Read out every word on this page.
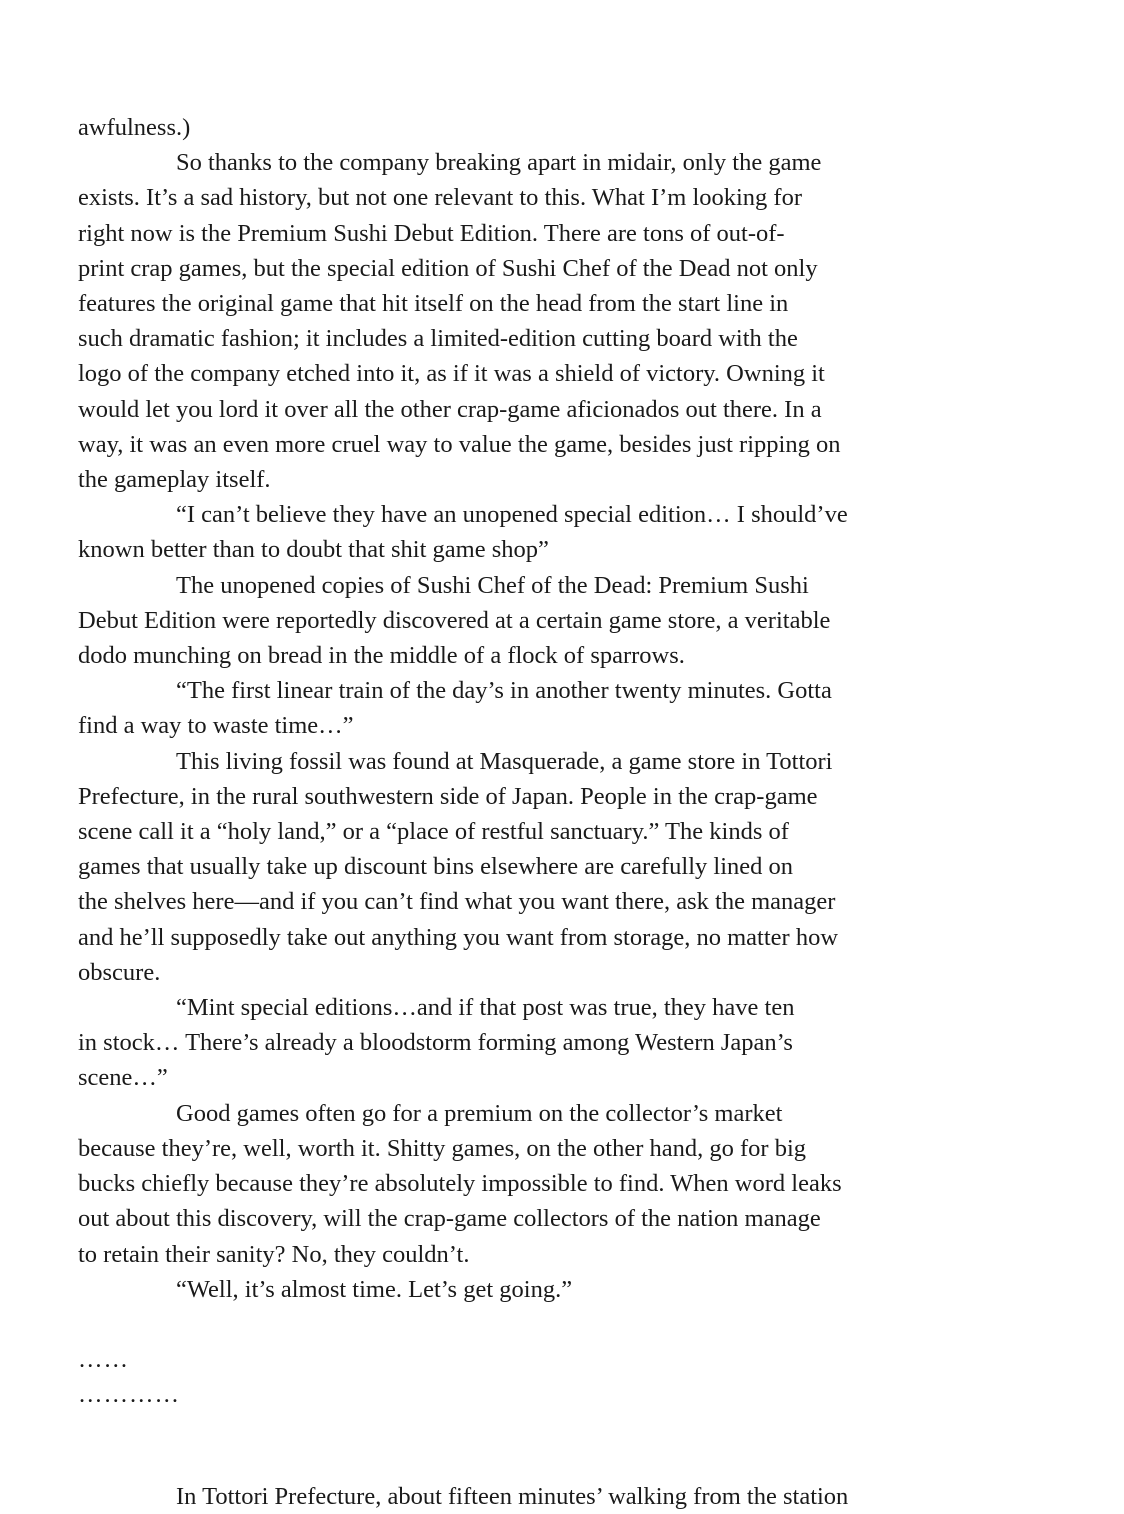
awfulness.)

So thanks to the company breaking apart in midair, only the game
exists. It’s a sad history, but not one relevant to this. What I’m looking for
right now is the Premium Sushi Debut Edition. There are tons of out-of-
print crap games, but the special edition of Sushi Chef of the Dead not only
features the original game that hit itself on the head from the start line in
such dramatic fashion; it includes a limited-edition cutting board with the
logo of the company etched into it, as if it was a shield of victory. Owning it
would let you lord it over all the other crap-game aficionados out there. In a
way, it was an even more cruel way to value the game, besides just ripping on
the gameplay itself.

“I can’t believe they have an unopened special edition… I should’ve
known better than to doubt that shit game shop”

The unopened copies of Sushi Chef of the Dead: Premium Sushi
Debut Edition were reportedly discovered at a certain game store, a veritable
dodo munching on bread in the middle of a flock of sparrows.

“The first linear train of the day’s in another twenty minutes. Gotta
find a way to waste time…”

This living fossil was found at Masquerade, a game store in Tottori
Prefecture, in the rural southwestern side of Japan. People in the crap-game
scene call it a “holy land,” or a “place of restful sanctuary.” The kinds of
games that usually take up discount bins elsewhere are carefully lined on
the shelves here—and if you can’t find what you want there, ask the manager
and he’ll supposedly take out anything you want from storage, no matter how
obscure.

“Mint special editions…and if that post was true, they have ten
in stock… There’s already a bloodstorm forming among Western Japan’s
scene…”

Good games often go for a premium on the collector’s market
because they’re, well, worth it. Shitty games, on the other hand, go for big
bucks chiefly because they’re absolutely impossible to find. When word leaks
out about this discovery, will the crap-game collectors of the nation manage
to retain their sanity? No, they couldn’t.

“Well, it’s almost time. Let’s get going.”

……
…………

In Tottori Prefecture, about fifteen minutes’ walking from the station
